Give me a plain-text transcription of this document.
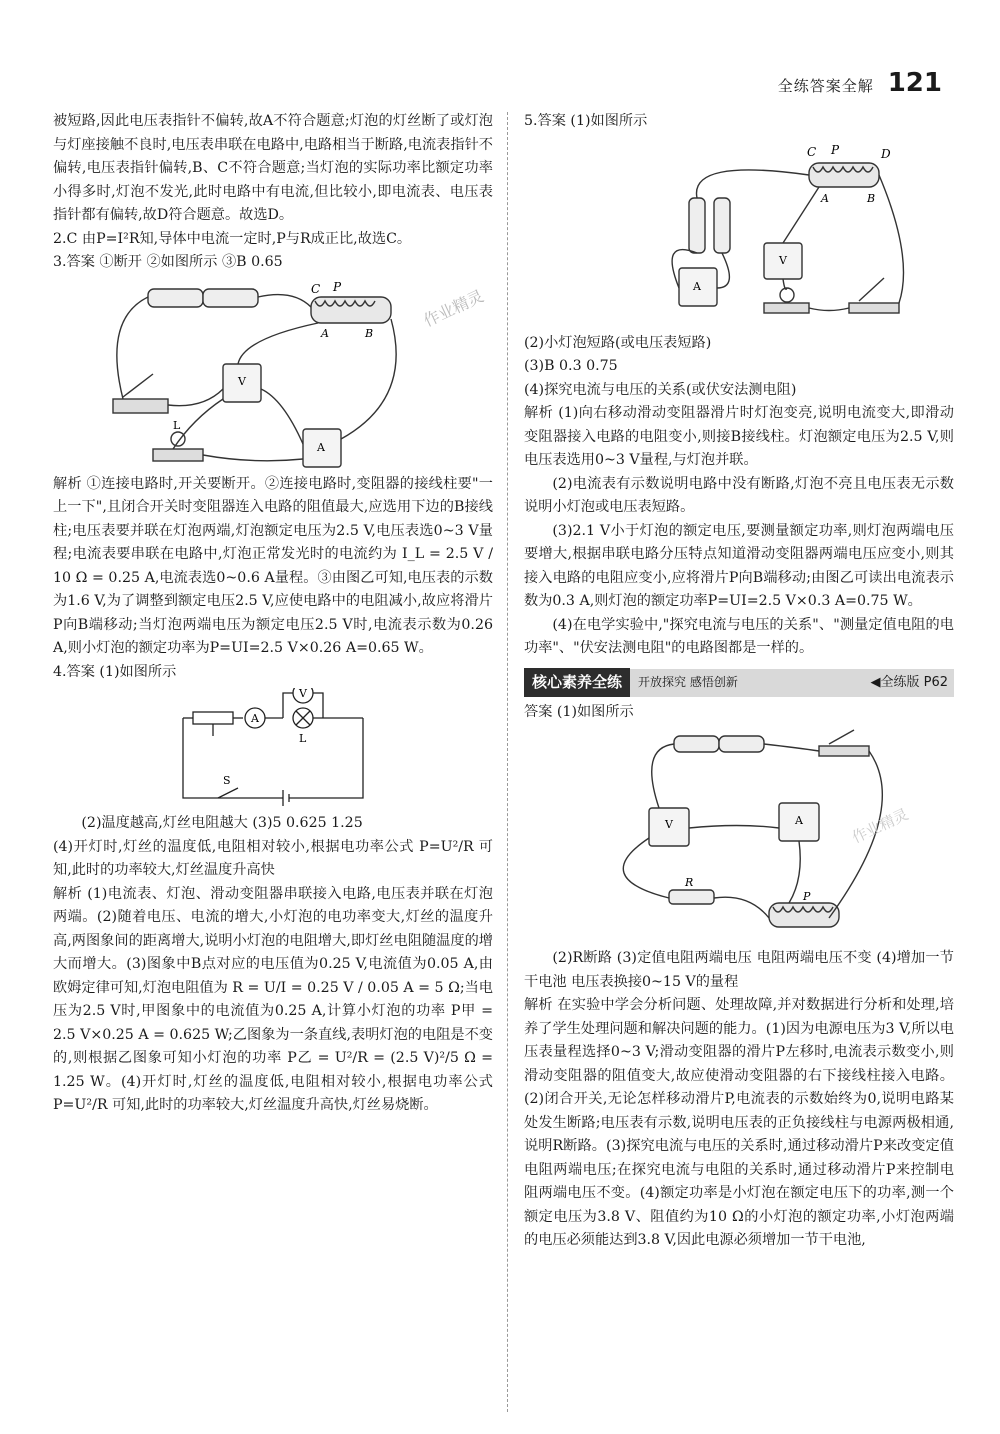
全练答案全解 121

被短路,因此电压表指针不偏转,故A不符合题意;灯泡的灯丝断了或灯泡与灯座接触不良时,电压表串联在电路中,电路相当于断路,电流表指针不偏转,电压表指针偏转,B、C不符合题意;当灯泡的实际功率比额定功率小得多时,灯泡不发光,此时电路中有电流,但比较小,即电流表、电压表指针都有偏转,故D符合题意。故选D。

2.C 由P=I²R知,导体中电流一定时,P与R成正比,故选C。

3.答案 ①断开 ②如图所示 ③B 0.65

C P
A	B
V
A
L

解析 ①连接电路时,开关要断开。②连接电路时,变阻器的接线柱要"一上一下",且闭合开关时变阻器连入电路的阻值最大,应选用下边的B接线柱;电压表要并联在灯泡两端,灯泡额定电压为2.5 V,电压表选0~3 V量程;电流表要串联在电路中,灯泡正常发光时的电流约为 I_L = 2.5 V / 10 Ω = 0.25 A,电流表选0~0.6 A量程。③由图乙可知,电压表的示数为1.6 V,为了调整到额定电压2.5 V,应使电路中的电阻减小,故应将滑片P向B端移动;当灯泡两端电压为额定电压2.5 V时,电流表示数为0.26 A,则小灯泡的额定功率为P=UI=2.5 V×0.26 A=0.65 W。

4.答案 (1)如图所示

A
V
L
S

(2)温度越高,灯丝电阻越大 (3)5 0.625 1.25

(4)开灯时,灯丝的温度低,电阻相对较小,根据电功率公式 P=U²/R 可知,此时的功率较大,灯丝温度升高快

解析 (1)电流表、灯泡、滑动变阻器串联接入电路,电压表并联在灯泡两端。(2)随着电压、电流的增大,小灯泡的电功率变大,灯丝的温度升高,两图象间的距离增大,说明小灯泡的电阻增大,即灯丝电阻随温度的增大而增大。(3)图象中B点对应的电压值为0.25 V,电流值为0.05 A,由欧姆定律可知,灯泡电阻值为 R = U/I = 0.25 V / 0.05 A = 5 Ω;当电压为2.5 V时,甲图象中的电流值为0.25 A,计算小灯泡的功率 P甲 = 2.5 V×0.25 A = 0.625 W;乙图象为一条直线,表明灯泡的电阻是不变的,则根据乙图象可知小灯泡的功率 P乙 = U²/R = (2.5 V)²/5 Ω = 1.25 W。(4)开灯时,灯丝的温度低,电阻相对较小,根据电功率公式 P=U²/R 可知,此时的功率较大,灯丝温度升高快,灯丝易烧断。

5.答案 (1)如图所示

C P	D
A	B
V
A

(2)小灯泡短路(或电压表短路)

(3)B 0.3 0.75

(4)探究电流与电压的关系(或伏安法测电阻)

解析 (1)向右移动滑动变阻器滑片时灯泡变亮,说明电流变大,即滑动变阻器接入电路的电阻变小,则接B接线柱。灯泡额定电压为2.5 V,则电压表选用0~3 V量程,与灯泡并联。

(2)电流表有示数说明电路中没有断路,灯泡不亮且电压表无示数说明小灯泡或电压表短路。

(3)2.1 V小于灯泡的额定电压,要测量额定功率,则灯泡两端电压要增大,根据串联电路分压特点知道滑动变阻器两端电压应变小,则其接入电路的电阻应变小,应将滑片P向B端移动;由图乙可读出电流表示数为0.3 A,则灯泡的额定功率P=UI=2.5 V×0.3 A=0.75 W。

(4)在电学实验中,"探究电流与电压的关系"、"测量定值电阻的电功率"、"伏安法测电阻"的电路图都是一样的。

核心素养全练	开放探究 感悟创新	◀全练版 P62

答案 (1)如图所示

V	A
R
P

(2)R断路 (3)定值电阻两端电压 电阻两端电压不变 (4)增加一节干电池 电压表换接0~15 V的量程

解析 在实验中学会分析问题、处理故障,并对数据进行分析和处理,培养了学生处理问题和解决问题的能力。(1)因为电源电压为3 V,所以电压表量程选择0~3 V;滑动变阻器的滑片P左移时,电流表示数变小,则滑动变阻器的阻值变大,故应使滑动变阻器的右下接线柱接入电路。(2)闭合开关,无论怎样移动滑片P,电流表的示数始终为0,说明电路某处发生断路;电压表有示数,说明电压表的正负接线柱与电源两极相通,说明R断路。(3)探究电流与电压的关系时,通过移动滑片P来改变定值电阻两端电压;在探究电流与电阻的关系时,通过移动滑片P来控制电阻两端电压不变。(4)额定功率是小灯泡在额定电压下的功率,测一个额定电压为3.8 V、阻值约为10 Ω的小灯泡的额定功率,小灯泡两端的电压必须能达到3.8 V,因此电源必须增加一节干电池,

作业精灵
作业精灵
